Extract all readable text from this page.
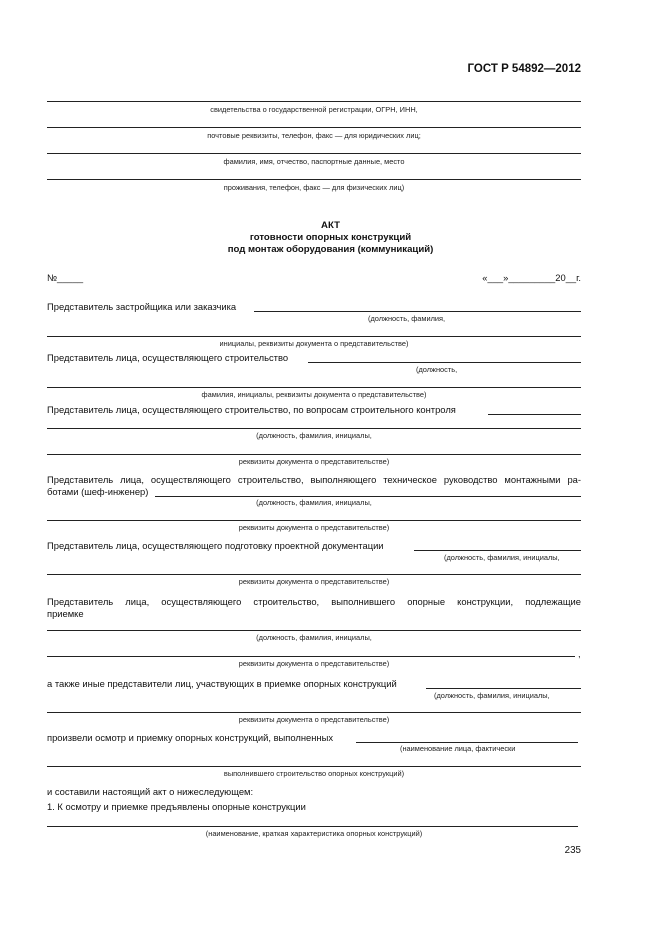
ГОСТ Р 54892—2012
свидетельства о государственной регистрации, ОГРН, ИНН,
почтовые реквизиты, телефон, факс — для юридических лиц;
фамилия, имя, отчество, паспортные данные, место
проживания, телефон, факс — для физических лиц)
АКТ
готовности опорных конструкций
под монтаж оборудования (коммуникаций)
№_____	«___»_________20__г.
Представитель застройщика или заказчика
(должность, фамилия,
инициалы, реквизиты документа о представительстве)
Представитель лица, осуществляющего строительство
(должность,
фамилия, инициалы, реквизиты документа о представительстве)
Представитель лица, осуществляющего строительство, по вопросам строительного контроля
(должность, фамилия, инициалы,
реквизиты документа о представительстве)
Представитель лица, осуществляющего строительство, выполняющего техническое руководство монтажными ра-
ботами (шеф-инженер)
(должность, фамилия, инициалы,
реквизиты документа о представительстве)
Представитель лица, осуществляющего подготовку проектной документации
(должность, фамилия, инициалы,
реквизиты документа о представительстве)
Представитель лица, осуществляющего строительство, выполнившего опорные конструкции, подлежащие
приемке
(должность, фамилия, инициалы,
,
реквизиты документа о представительстве)
а также иные представители лиц, участвующих в приемке опорных конструкций
(должность, фамилия, инициалы,
реквизиты документа о представительстве)
произвели осмотр и приемку опорных конструкций, выполненных
(наименование лица, фактически
выполнившего строительство опорных конструкций)
и составили настоящий акт о нижеследующем:
1. К осмотру и приемке предъявлены опорные конструкции
(наименование, краткая характеристика опорных конструкций)
235
